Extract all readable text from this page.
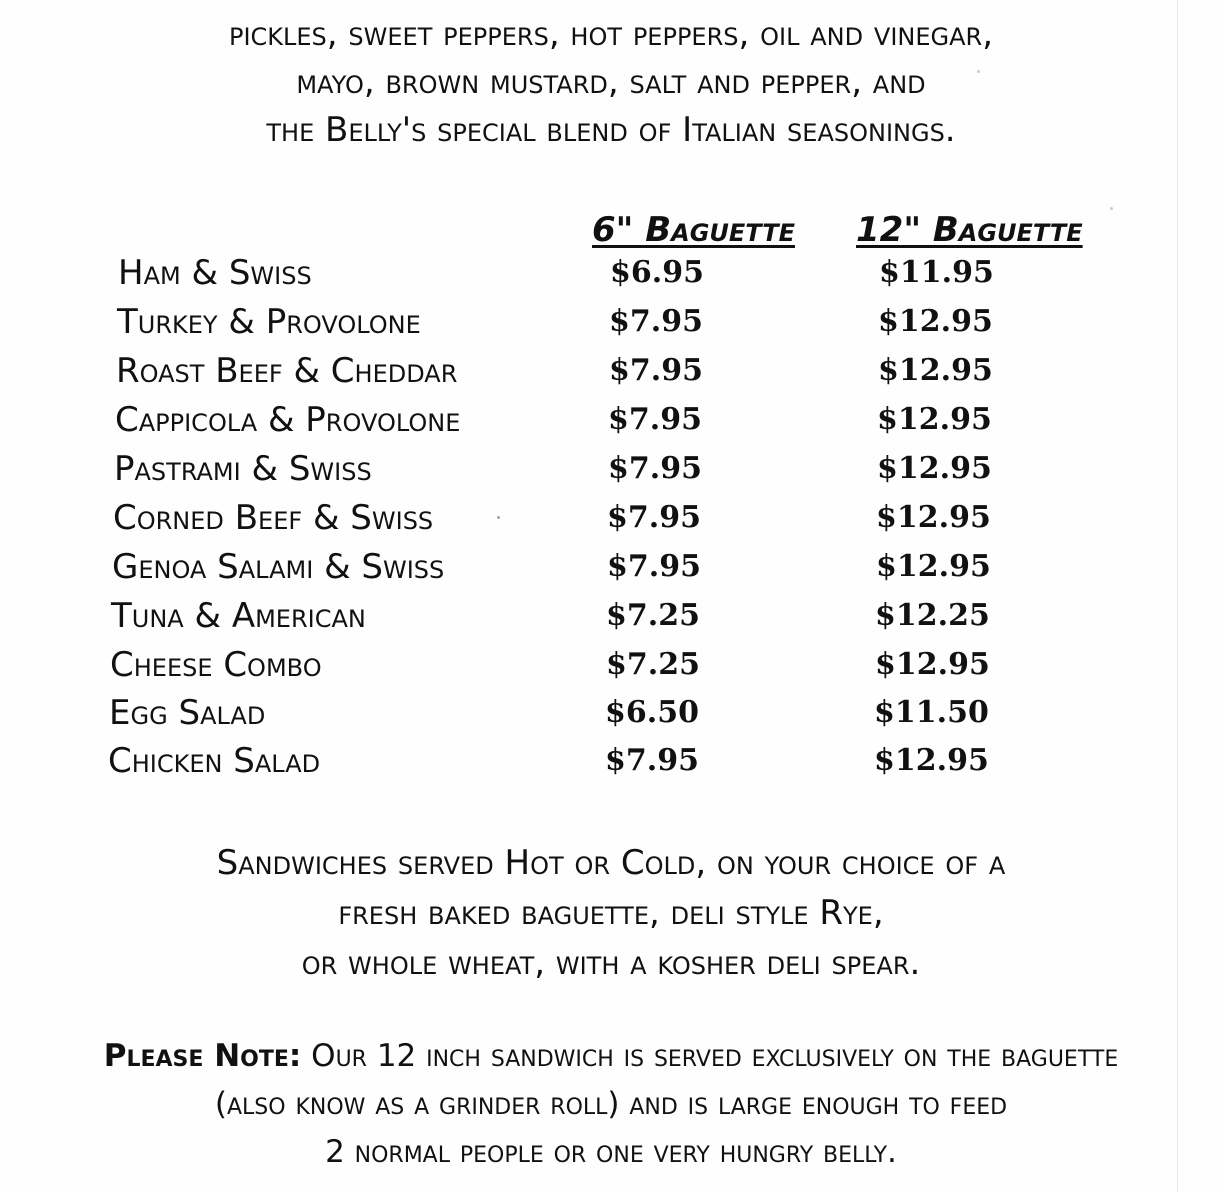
pickles, sweet peppers, hot peppers, oil and vinegar,
mayo, brown mustard, salt and pepper, and
the Belly's special blend of Italian seasonings.
6" Baguette 12" Baguette
Ham & Swiss	$6.95	$11.95
Turkey & Provolone	$7.95	$12.95
Roast Beef & Cheddar	$7.95	$12.95
Cappicola & Provolone	$7.95	$12.95
Pastrami & Swiss	$7.95	$12.95
Corned Beef & Swiss	$7.95	$12.95
Genoa Salami & Swiss	$7.95	$12.95
Tuna & American	$7.25	$12.25
Cheese Combo	$7.25	$12.95
Egg Salad	$6.50	$11.50
Chicken Salad	$7.95	$12.95
Sandwiches served Hot or Cold, on your choice of a
fresh baked baguette, deli style Rye,
or whole wheat, with a kosher deli spear.
Please Note: Our 12 inch sandwich is served exclusively on the baguette
(also know as a grinder roll) and is large enough to feed
2 normal people or one very hungry belly.
